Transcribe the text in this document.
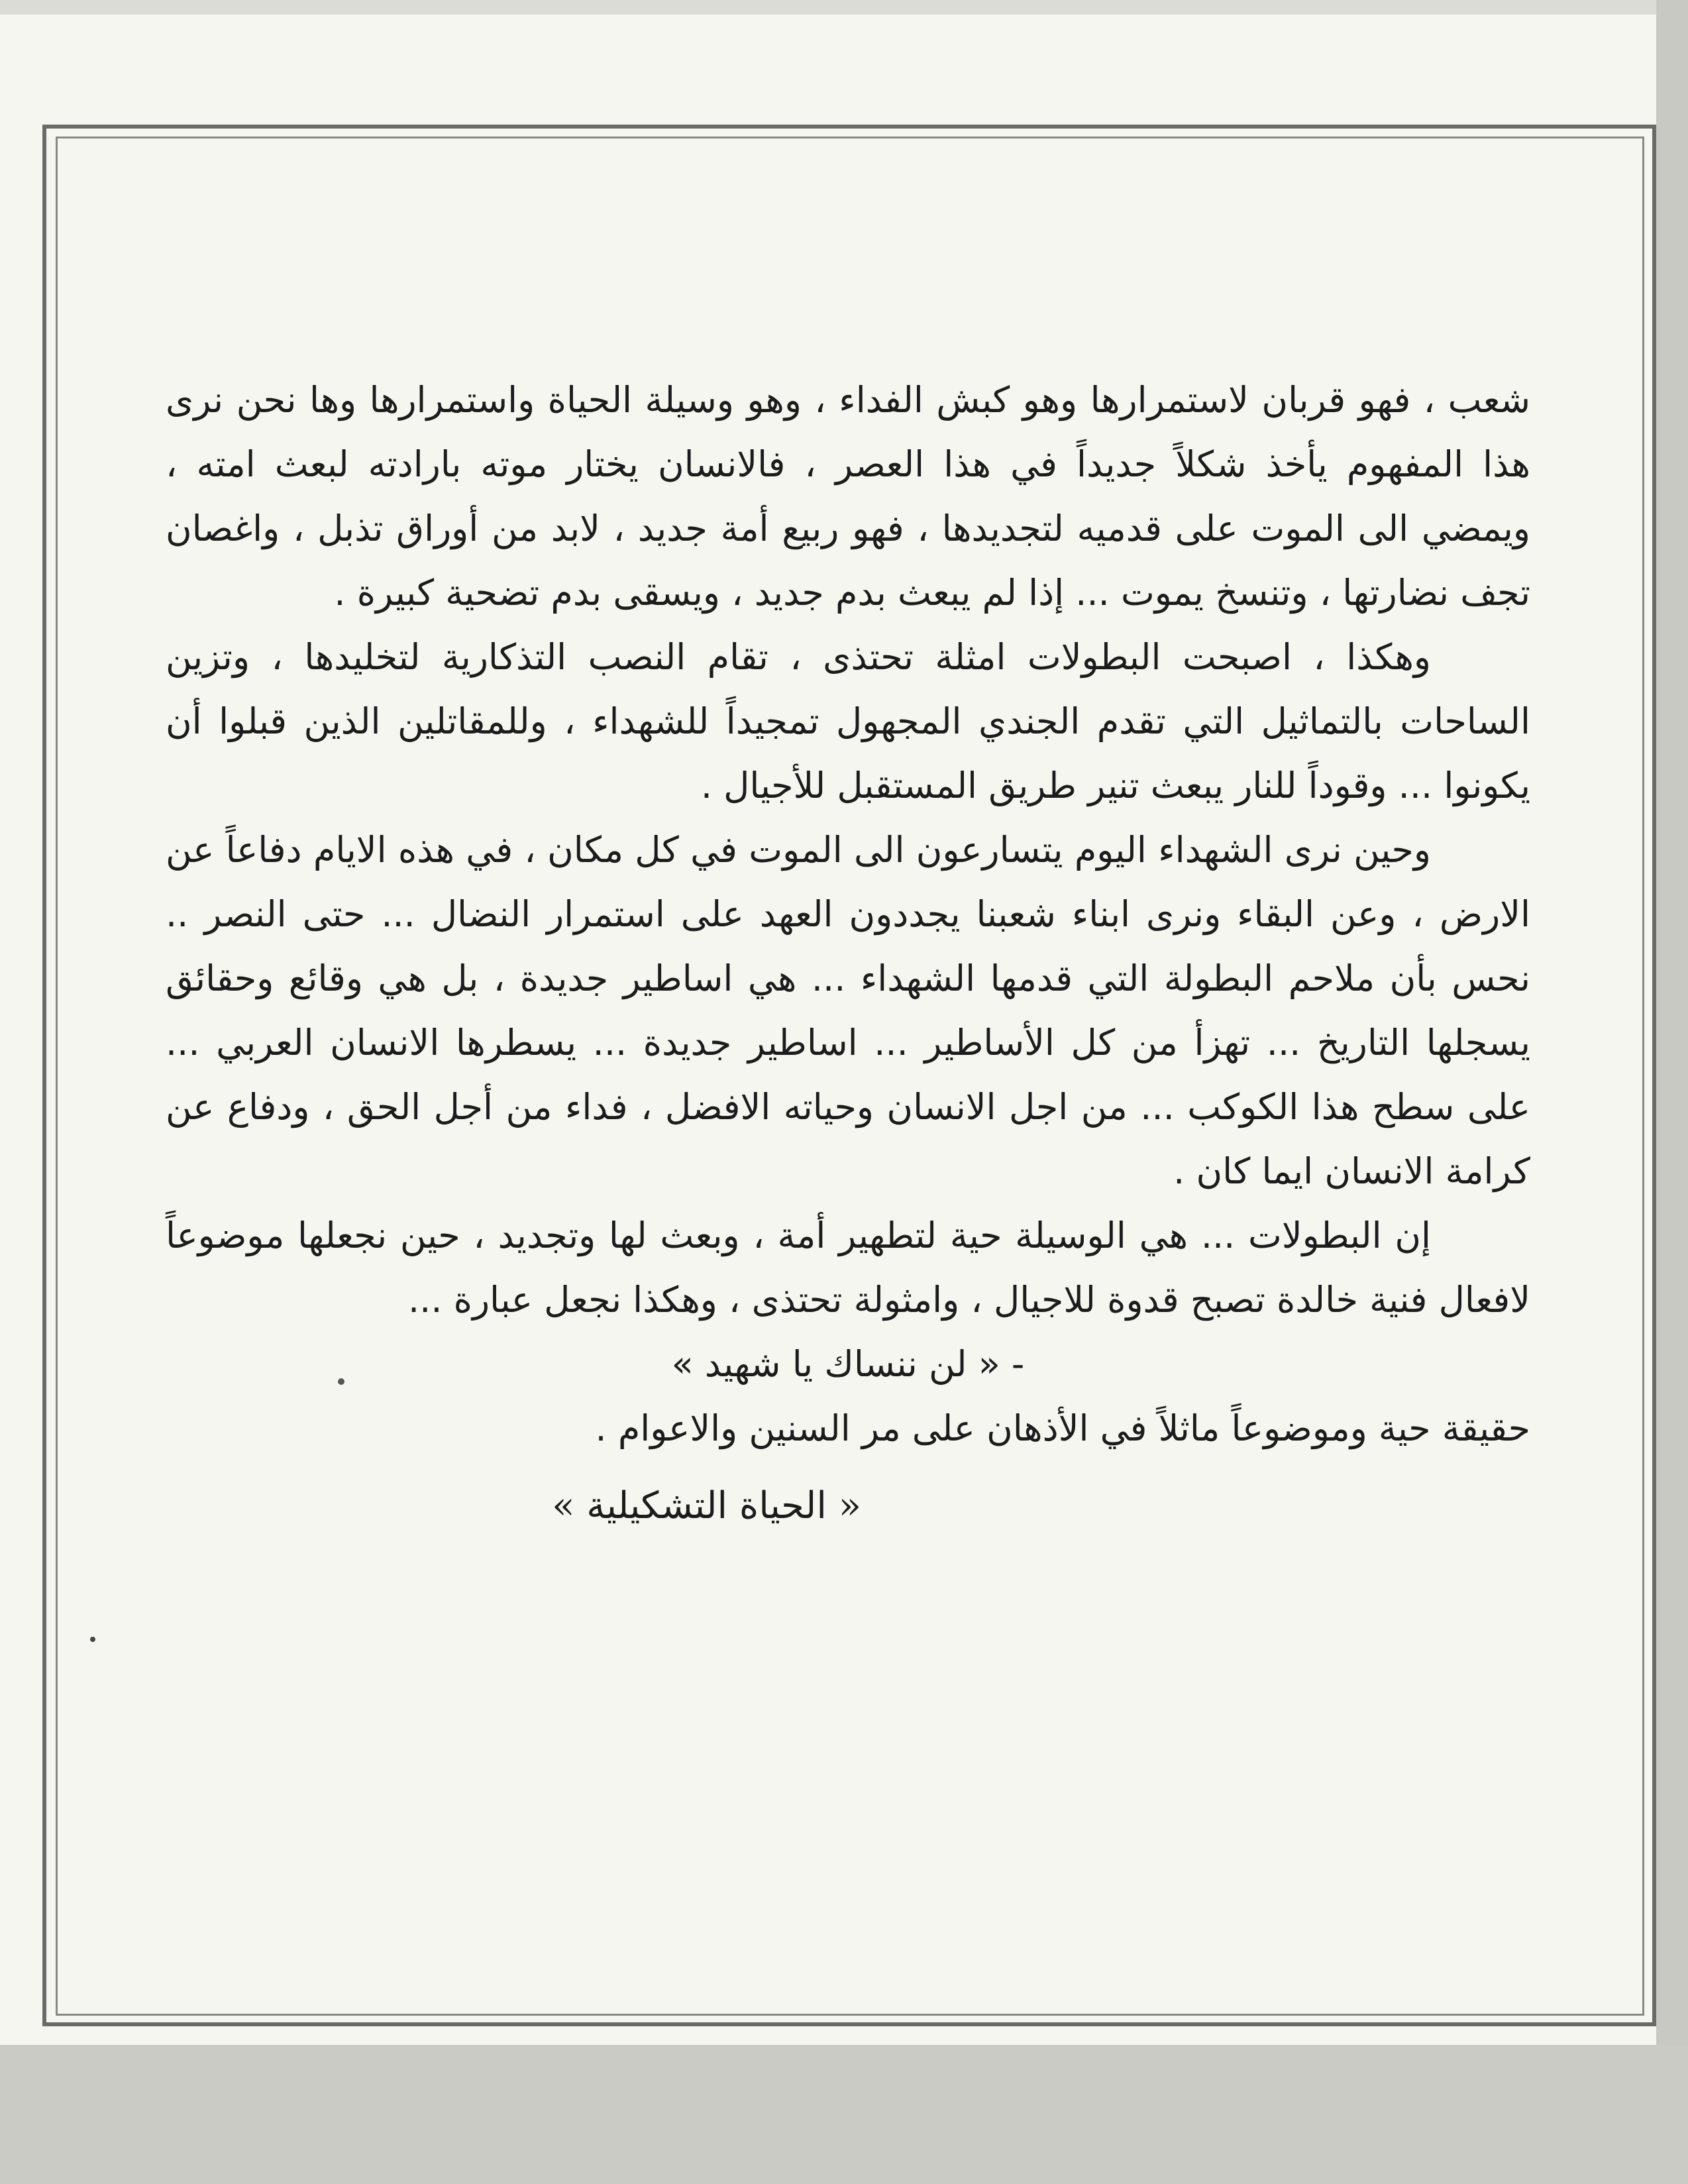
شعب ، فهو قربان لاستمرارها وهو كبش الفداء ، وهو وسيلة الحياة واستمرارها وها نحن نرى هذا المفهوم يأخذ شكلاً جديداً في هذا العصر ، فالانسان يختار موته بارادته لبعث امته ، ويمضي الى الموت على قدميه لتجديدها ، فهو ربيع أمة جديد ، لابد من أوراق تذبل ، واغصان تجف نضارتها ، وتنسخ يموت ... إذا لم يبعث بدم جديد ، ويسقى بدم تضحية كبيرة .

وهكذا ، اصبحت البطولات امثلة تحتذى ، تقام النصب التذكارية لتخليدها ، وتزين الساحات بالتماثيل التي تقدم الجندي المجهول تمجيداً للشهداء ، وللمقاتلين الذين قبلوا أن يكونوا ... وقوداً للنار يبعث تنير طريق المستقبل للأجيال .

وحين نرى الشهداء اليوم يتسارعون الى الموت في كل مكان ، في هذه الايام دفاعاً عن الارض ، وعن البقاء ونرى ابناء شعبنا يجددون العهد على استمرار النضال ... حتى النصر .. نحس بأن ملاحم البطولة التي قدمها الشهداء ... هي اساطير جديدة ، بل هي وقائع وحقائق يسجلها التاريخ ... تهزأ من كل الأساطير ... اساطير جديدة ... يسطرها الانسان العربي ... على سطح هذا الكوكب ... من اجل الانسان وحياته الافضل ، فداء من أجل الحق ، ودفاع عن كرامة الانسان ايما كان .

إن البطولات ... هي الوسيلة حية لتطهير أمة ، وبعث لها وتجديد ، حين نجعلها موضوعاً لافعال فنية خالدة تصبح قدوة للاجيال ، وامثولة تحتذى ، وهكذا نجعل عبارة ...

- « لن ننساك يا شهيد »

حقيقة حية وموضوعاً ماثلاً في الأذهان على مر السنين والاعوام .

« الحياة التشكيلية »
